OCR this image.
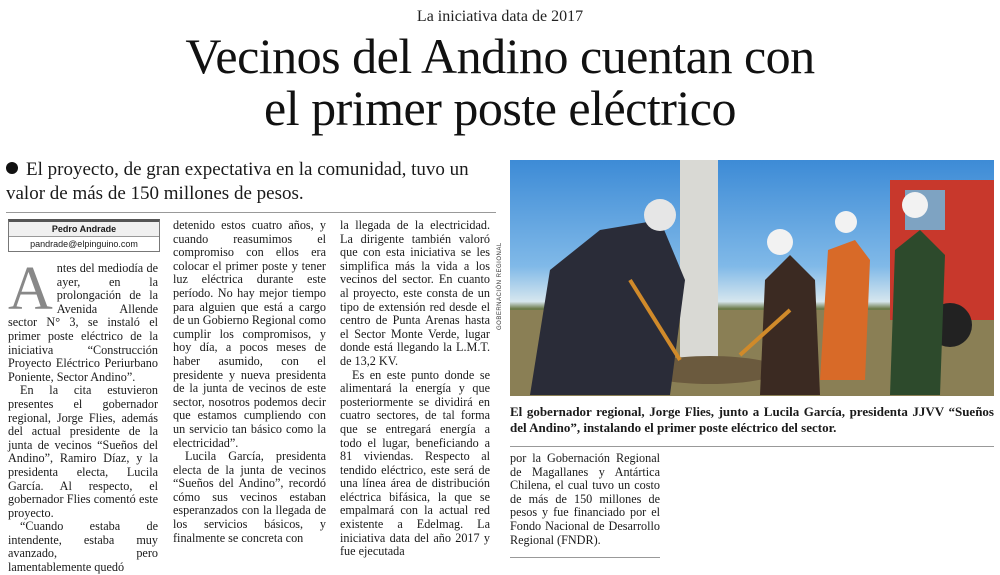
La iniciativa data de 2017
Vecinos del Andino cuentan con
el primer poste eléctrico
El proyecto, de gran expectativa en la comunidad, tuvo un valor de más de 150 millones de pesos.
Pedro Andrade
pandrade@elpinguino.com

Antes del mediodía de ayer, en la prolongación de la Avenida Allende sector N° 3, se instaló el primer poste eléctrico de la iniciativa “Construcción Proyecto Eléctrico Periurbano Poniente, Sector Andino”.

En la cita estuvieron presentes el gobernador regional, Jorge Flies, además del actual presidente de la junta de vecinos “Sueños del Andino”, Ramiro Díaz, y la presidenta electa, Lucila García. Al respecto, el gobernador Flies comentó este proyecto.

“Cuando estaba de intendente, estaba muy avanzado, pero lamentablemente quedó

detenido estos cuatro años, y cuando reasumimos el compromiso con ellos era colocar el primer poste y tener luz eléctrica durante este período. No hay mejor tiempo para alguien que está a cargo de un Gobierno Regional como cumplir los compromisos, y hoy día, a pocos meses de haber asumido, con el presidente y nueva presidenta de la junta de vecinos de este sector, nosotros podemos decir que estamos cumpliendo con un servicio tan básico como la electricidad”.

Lucila García, presidenta electa de la junta de vecinos “Sueños del Andino”, recordó cómo sus vecinos estaban esperanzados con la llegada de los servicios básicos, y finalmente se concreta con

la llegada de la electricidad. La dirigente también valoró que con esta iniciativa se les simplifica más la vida a los vecinos del sector. En cuanto al proyecto, este consta de un tipo de extensión red desde el centro de Punta Arenas hasta el Sector Monte Verde, lugar donde está llegando la L.M.T. de 13,2 KV.

Es en este punto donde se alimentará la energía y que posteriormente se dividirá en cuatro sectores, de tal forma que se entregará energía a todo el lugar, beneficiando a 81 viviendas. Respecto al tendido eléctrico, este será de una línea área de distribución eléctrica bifásica, la que se empalmará con la actual red existente a Edelmag. La iniciativa data del año 2017 y fue ejecutada

GOBERNACIÓN REGIONAL
El gobernador regional, Jorge Flies, junto a Lucila García, presidenta JJVV “Sueños del Andino”, instalando el primer poste eléctrico del sector.

por la Gobernación Regional de Magallanes y Antártica Chilena, el cual tuvo un costo de más de 150 millones de pesos y fue financiado por el Fondo Nacional de Desarrollo Regional (FNDR).
